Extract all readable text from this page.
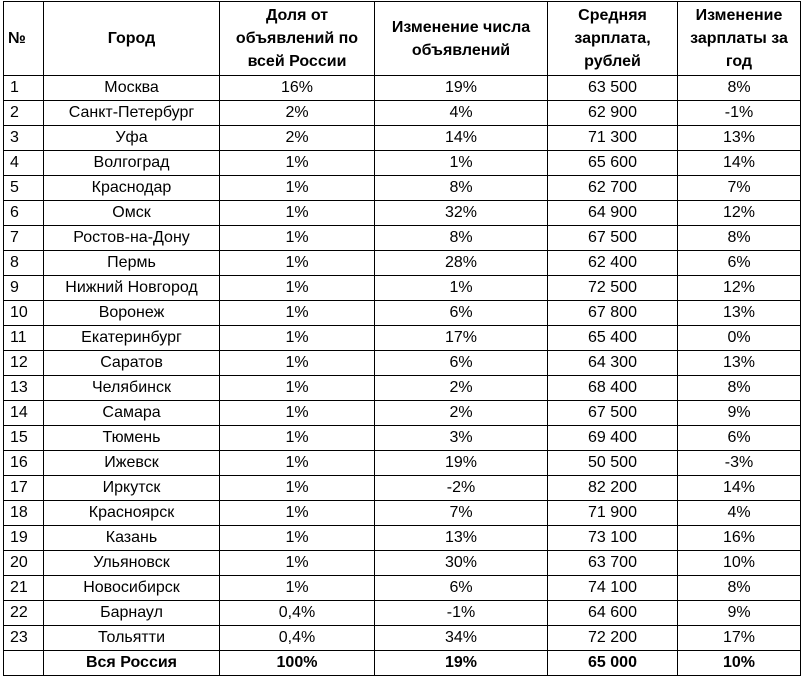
№	Город	Доля от объявлений по всей России	Изменение числа объявлений	Средняя зарплата, рублей	Изменение зарплаты за год
1	Москва	16%	19%	63 500	8%
2	Санкт-Петербург	2%	4%	62 900	-1%
3	Уфа	2%	14%	71 300	13%
4	Волгоград	1%	1%	65 600	14%
5	Краснодар	1%	8%	62 700	7%
6	Омск	1%	32%	64 900	12%
7	Ростов-на-Дону	1%	8%	67 500	8%
8	Пермь	1%	28%	62 400	6%
9	Нижний Новгород	1%	1%	72 500	12%
10	Воронеж	1%	6%	67 800	13%
11	Екатеринбург	1%	17%	65 400	0%
12	Саратов	1%	6%	64 300	13%
13	Челябинск	1%	2%	68 400	8%
14	Самара	1%	2%	67 500	9%
15	Тюмень	1%	3%	69 400	6%
16	Ижевск	1%	19%	50 500	-3%
17	Иркутск	1%	-2%	82 200	14%
18	Красноярск	1%	7%	71 900	4%
19	Казань	1%	13%	73 100	16%
20	Ульяновск	1%	30%	63 700	10%
21	Новосибирск	1%	6%	74 100	8%
22	Барнаул	0,4%	-1%	64 600	9%
23	Тольятти	0,4%	34%	72 200	17%
	Вся Россия	100%	19%	65 000	10%
